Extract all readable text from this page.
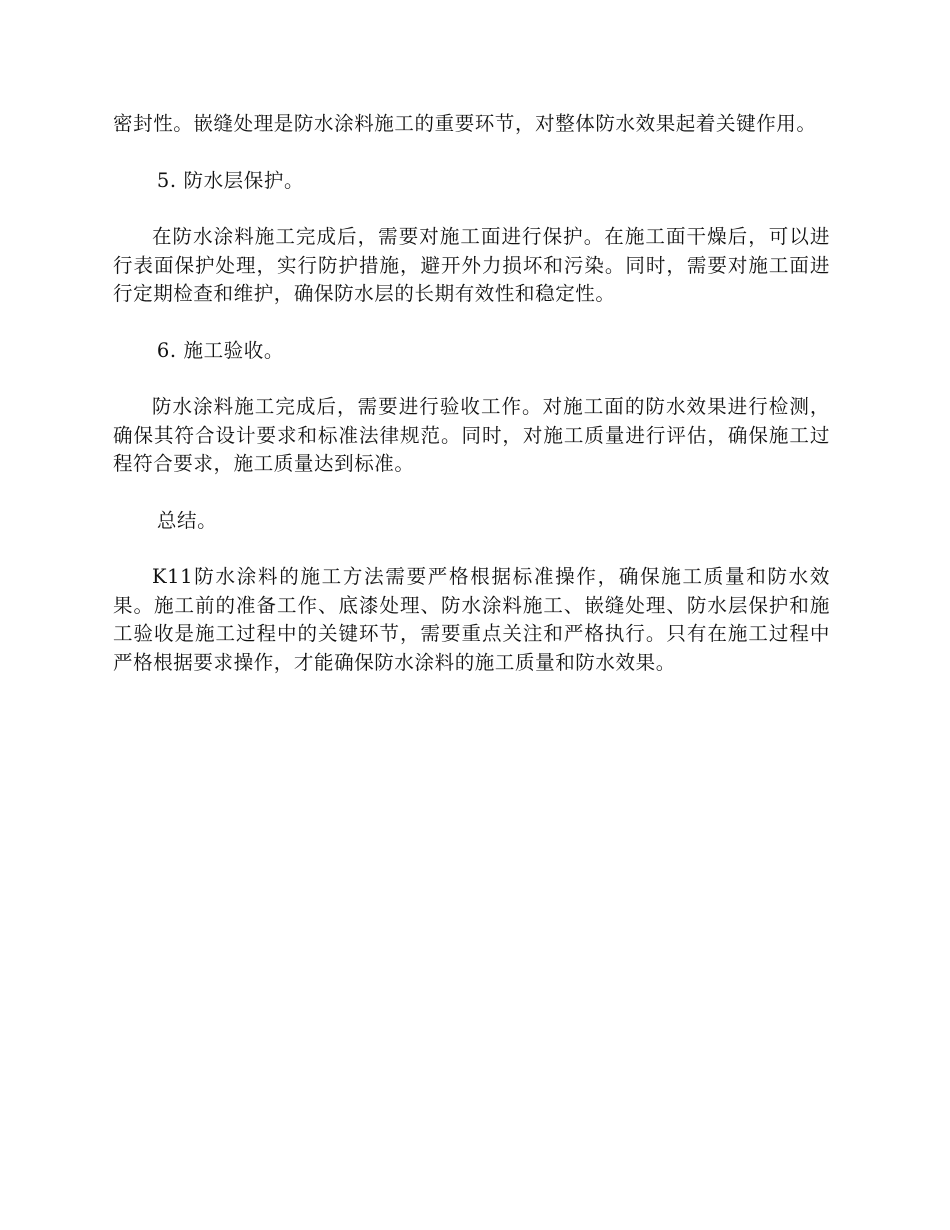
密封性。嵌缝处理是防水涂料施工的重要环节，对整体防水效果起着关键作用。

5. 防水层保护。

在防水涂料施工完成后，需要对施工面进行保护。在施工面干燥后，可以进行表面保护处理，实行防护措施，避开外力损坏和污染。同时，需要对施工面进行定期检查和维护，确保防水层的长期有效性和稳定性。

6. 施工验收。

防水涂料施工完成后，需要进行验收工作。对施工面的防水效果进行检测，确保其符合设计要求和标准法律规范。同时，对施工质量进行评估，确保施工过程符合要求，施工质量达到标准。

总结。

K11防水涂料的施工方法需要严格根据标准操作，确保施工质量和防水效果。施工前的准备工作、底漆处理、防水涂料施工、嵌缝处理、防水层保护和施工验收是施工过程中的关键环节，需要重点关注和严格执行。只有在施工过程中严格根据要求操作，才能确保防水涂料的施工质量和防水效果。
